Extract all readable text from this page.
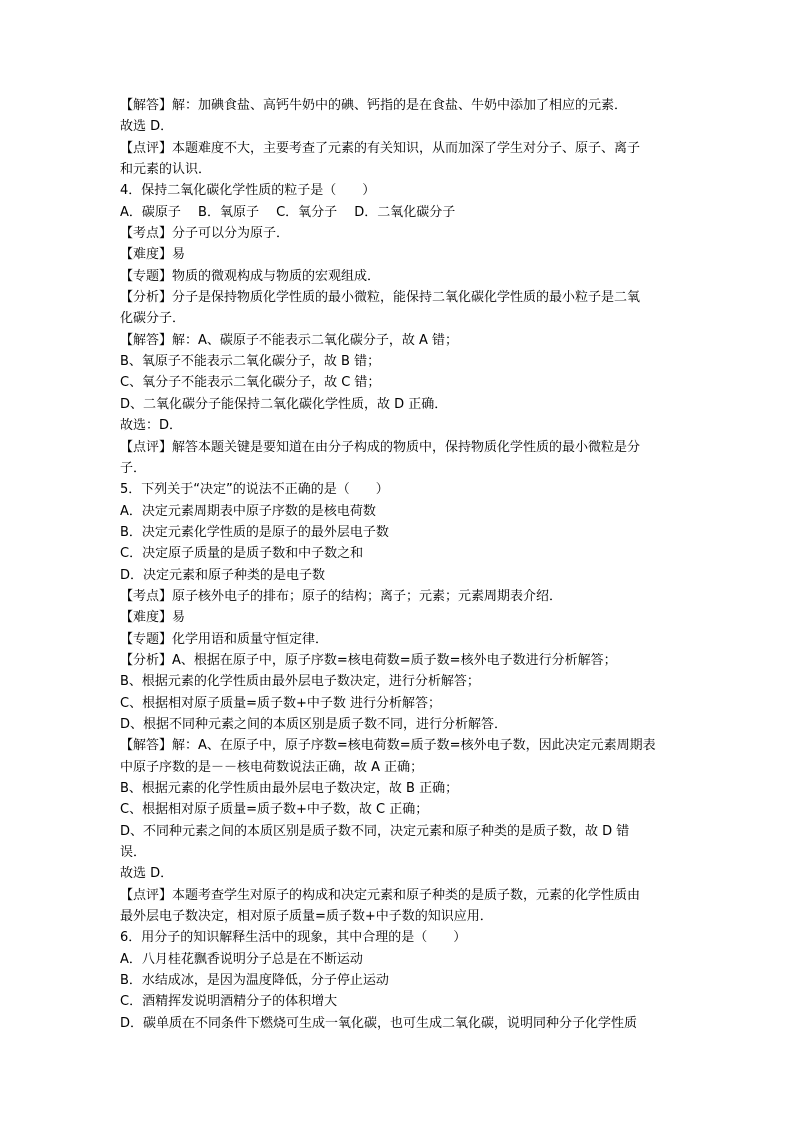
【解答】解：加碘食盐、高钙牛奶中的碘、钙指的是在食盐、牛奶中添加了相应的元素．
故选 D．
【点评】本题难度不大，主要考查了元素的有关知识，从而加深了学生对分子、原子、离子
和元素的认识．
4．保持二氧化碳化学性质的粒子是（　　）
A．碳原子　 B．氧原子　 C．氧分子　 D．二氧化碳分子
【考点】分子可以分为原子．
【难度】易
【专题】物质的微观构成与物质的宏观组成．
【分析】分子是保持物质化学性质的最小微粒，能保持二氧化碳化学性质的最小粒子是二氧
化碳分子．
【解答】解：A、碳原子不能表示二氧化碳分子，故 A 错；
B、氧原子不能表示二氧化碳分子，故 B 错；
C、氧分子不能表示二氧化碳分子，故 C 错；
D、二氧化碳分子能保持二氧化碳化学性质，故 D 正确．
故选：D．
【点评】解答本题关键是要知道在由分子构成的物质中，保持物质化学性质的最小微粒是分
子．
5．下列关于“决定”的说法不正确的是（　　）
A．决定元素周期表中原子序数的是核电荷数
B．决定元素化学性质的是原子的最外层电子数
C．决定原子质量的是质子数和中子数之和
D．决定元素和原子种类的是电子数
【考点】原子核外电子的排布；原子的结构；离子；元素；元素周期表介绍．
【难度】易
【专题】化学用语和质量守恒定律．
【分析】A、根据在原子中，原子序数=核电荷数=质子数=核外电子数进行分析解答；
B、根据元素的化学性质由最外层电子数决定，进行分析解答；
C、根据相对原子质量=质子数+中子数 进行分析解答；
D、根据不同种元素之间的本质区别是质子数不同，进行分析解答．
【解答】解：A、在原子中，原子序数=核电荷数=质子数=核外电子数，因此决定元素周期表
中原子序数的是－－核电荷数说法正确，故 A 正确；
B、根据元素的化学性质由最外层电子数决定，故 B 正确；
C、根据相对原子质量=质子数+中子数，故 C 正确；
D、不同种元素之间的本质区别是质子数不同，决定元素和原子种类的是质子数，故 D 错
误．
故选 D．
【点评】本题考查学生对原子的构成和决定元素和原子种类的是质子数，元素的化学性质由
最外层电子数决定，相对原子质量=质子数+中子数的知识应用．
6．用分子的知识解释生活中的现象，其中合理的是（　　）
A．八月桂花飘香说明分子总是在不断运动
B．水结成冰，是因为温度降低，分子停止运动
C．酒精挥发说明酒精分子的体积增大
D．碳单质在不同条件下燃烧可生成一氧化碳，也可生成二氧化碳，说明同种分子化学性质
